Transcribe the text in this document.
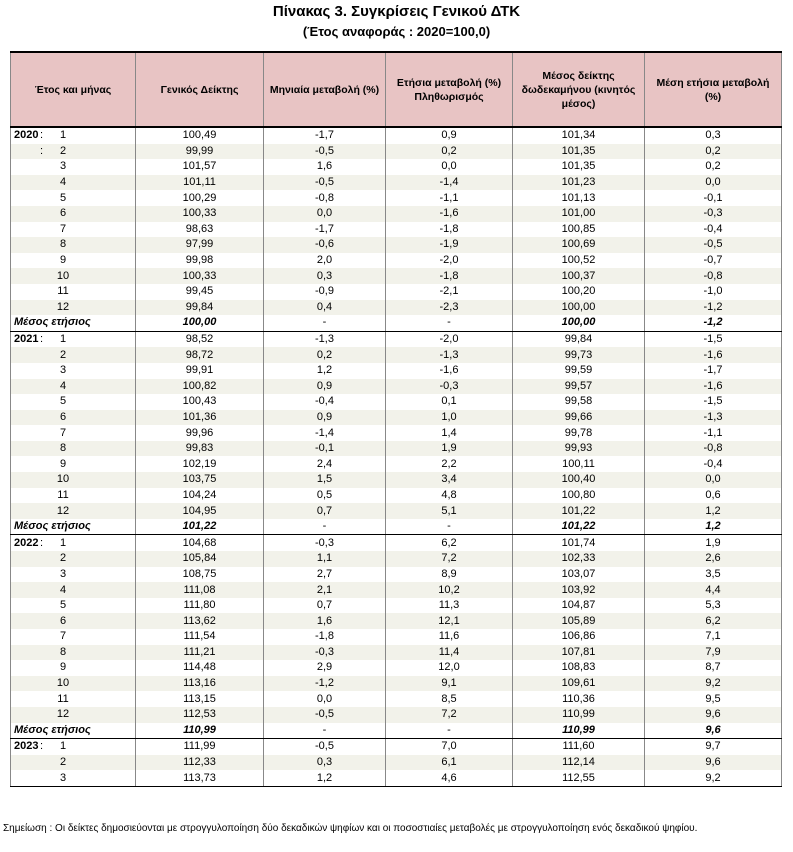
Πίνακας 3. Συγκρίσεις Γενικού ΔΤΚ
(Έτος αναφοράς : 2020=100,0)
Έτος και μήνας	Γενικός Δείκτης	Μηνιαία μεταβολή (%)	Ετήσια μεταβολή (%) Πληθωρισμός	Μέσος δείκτης δωδεκαμήνου (κινητός μέσος)	Μέση ετήσια μεταβολή (%)
2020 : 1	100,49	-1,7	0,9	101,34	0,3
: 2	99,99	-0,5	0,2	101,35	0,2
3	101,57	1,6	0,0	101,35	0,2
4	101,11	-0,5	-1,4	101,23	0,0
5	100,29	-0,8	-1,1	101,13	-0,1
6	100,33	0,0	-1,6	101,00	-0,3
7	98,63	-1,7	-1,8	100,85	-0,4
8	97,99	-0,6	-1,9	100,69	-0,5
9	99,98	2,0	-2,0	100,52	-0,7
10	100,33	0,3	-1,8	100,37	-0,8
11	99,45	-0,9	-2,1	100,20	-1,0
12	99,84	0,4	-2,3	100,00	-1,2
Μέσος ετήσιος	100,00	-	-	100,00	-1,2
2021 : 1	98,52	-1,3	-2,0	99,84	-1,5
2	98,72	0,2	-1,3	99,73	-1,6
3	99,91	1,2	-1,6	99,59	-1,7
4	100,82	0,9	-0,3	99,57	-1,6
5	100,43	-0,4	0,1	99,58	-1,5
6	101,36	0,9	1,0	99,66	-1,3
7	99,96	-1,4	1,4	99,78	-1,1
8	99,83	-0,1	1,9	99,93	-0,8
9	102,19	2,4	2,2	100,11	-0,4
10	103,75	1,5	3,4	100,40	0,0
11	104,24	0,5	4,8	100,80	0,6
12	104,95	0,7	5,1	101,22	1,2
Μέσος ετήσιος	101,22	-	-	101,22	1,2
2022 : 1	104,68	-0,3	6,2	101,74	1,9
2	105,84	1,1	7,2	102,33	2,6
3	108,75	2,7	8,9	103,07	3,5
4	111,08	2,1	10,2	103,92	4,4
5	111,80	0,7	11,3	104,87	5,3
6	113,62	1,6	12,1	105,89	6,2
7	111,54	-1,8	11,6	106,86	7,1
8	111,21	-0,3	11,4	107,81	7,9
9	114,48	2,9	12,0	108,83	8,7
10	113,16	-1,2	9,1	109,61	9,2
11	113,15	0,0	8,5	110,36	9,5
12	112,53	-0,5	7,2	110,99	9,6
Μέσος ετήσιος	110,99	-	-	110,99	9,6
2023 : 1	111,99	-0,5	7,0	111,60	9,7
2	112,33	0,3	6,1	112,14	9,6
3	113,73	1,2	4,6	112,55	9,2
Σημείωση : Οι δείκτες δημοσιεύονται με στρογγυλοποίηση δύο δεκαδικών ψηφίων και οι ποσοστιαίες μεταβολές με στρογγυλοποίηση ενός δεκαδικού ψηφίου.
